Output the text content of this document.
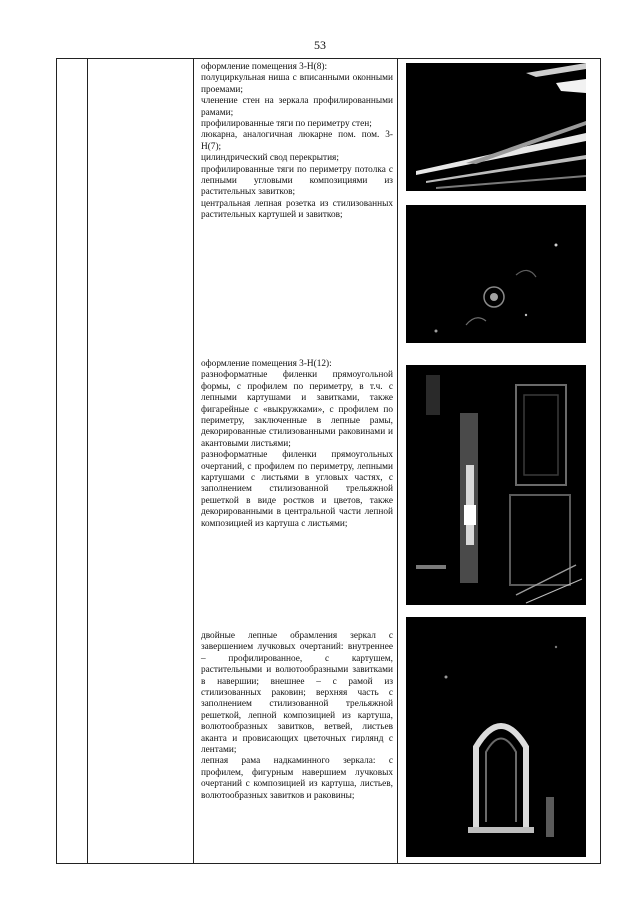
53
оформление помещения 3-Н(8):
полуциркульная ниша с вписанными оконными проемами;
членение стен на зеркала профилированными рамами;
профилированные тяги по периметру стен;
люкарна, аналогичная люкарне пом. пом. 3-Н(7);
цилиндрический свод перекрытия;
профилированные тяги по периметру потолка с лепными угловыми композициями из растительных завитков;
центральная лепная розетка из стилизованных растительных картушей и завитков;
оформление помещения 3-Н(12):
разноформатные филенки прямоугольной формы, с профилем по периметру, в т.ч. с лепными картушами и завитками, также фигарейные с «выкружками», с профилем по периметру, заключенные в лепные рамы, декорированные стилизованными раковинами и акантовыми листьями;
разноформатные филенки прямоугольных очертаний, с профилем по периметру, лепными картушами с листьями в угловых частях, с заполнением стилизованной трельяжной решеткой в виде ростков и цветов, также декорированными в центральной части лепной композицией из картуша с листьями;
двойные лепные обрамления зеркал с завершением лучковых очертаний: внутреннее – профилированное, с картушем, растительными и волютообразными завитками в навершии; внешнее – с рамой из стилизованных раковин; верхняя часть с заполнением стилизованной трельяжной решеткой, лепной композицией из картуша, волютообразных завитков, ветвей, листьев аканта и провисающих цветочных гирлянд с лентами;
лепная рама надкаминного зеркала: с профилем, фигурным навершием лучковых очертаний с композицией из картуша, листьев, волютообразных завитков и раковины;
